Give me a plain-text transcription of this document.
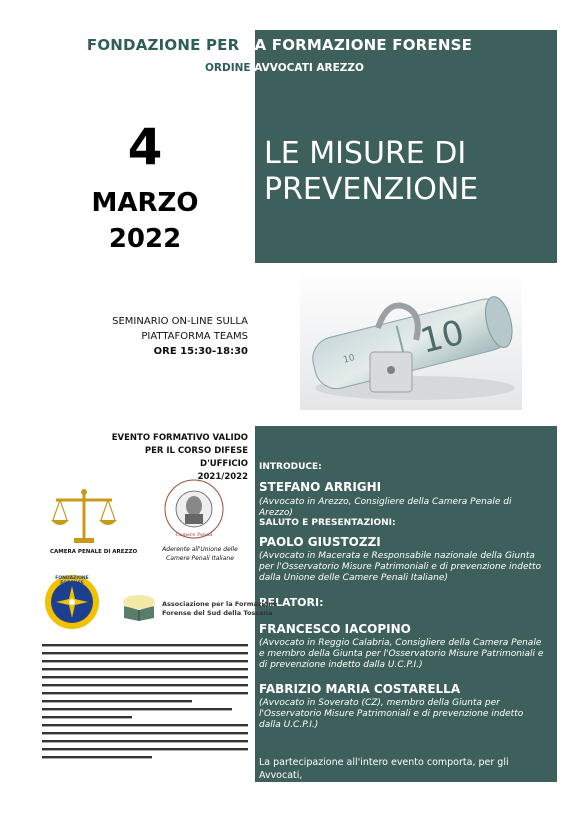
FONDAZIONE PER LA FORMAZIONE FORENSE
ORDINE AVVOCATI AREZZO
4
MARZO
2022
LE MISURE DI
PREVENZIONE
10
10
SEMINARIO ON-LINE SULLA
PIATTAFORMA TEAMS
ORE 15:30-18:30
EVENTO FORMATIVO VALIDO
PER IL CORSO DIFESE D'UFFICIO
2021/2022
INTRODUCE:
STEFANO ARRIGHI
(Avvocato in Arezzo, Consigliere della Camera Penale di Arezzo)
SALUTO E PRESENTAZIONI:
PAOLO GIUSTOZZI
(Avvocato in Macerata e Responsabile nazionale della Giunta per l'Osservatorio Misure Patrimoniali e di prevenzione indetto dalla Unione delle Camere Penali Italiane)
RELATORI:
FRANCESCO IACOPINO
(Avvocato in Reggio Calabria, Consigliere della Camera Penale e membro della Giunta per l'Osservatorio Misure Patrimoniali e di prevenzione indetto dalla U.C.P.I.)
FABRIZIO MARIA COSTARELLA
(Avvocato in Soverato (CZ), membro della Giunta per l'Osservatorio Misure Patrimoniali e di prevenzione indetto dalla U.C.P.I.)
La partecipazione all'intero evento comporta, per gli Avvocati,
l'attribuzione di n. 3 crediti formativi
CAMERA PENALE DI AREZZO
Camere Penali
Aderente all'Unione delle Camere Penali Italiane
FONDAZIONE FORENSE
Associazione per la Formazione
Forense del Sud della Toscana
